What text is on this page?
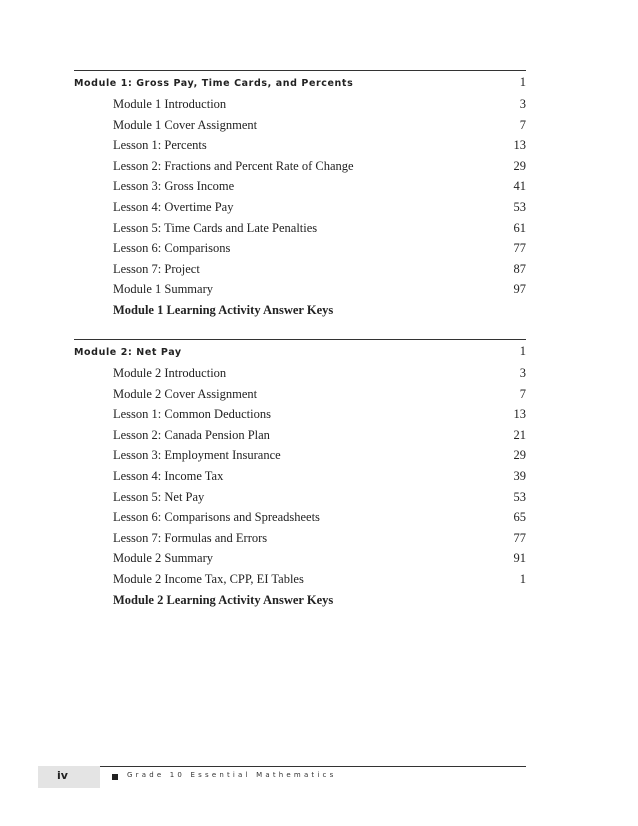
Module 1: Gross Pay, Time Cards, and Percents	1
Module 1 Introduction	3
Module 1 Cover Assignment	7
Lesson 1: Percents	13
Lesson 2: Fractions and Percent Rate of Change	29
Lesson 3: Gross Income	41
Lesson 4: Overtime Pay	53
Lesson 5: Time Cards and Late Penalties	61
Lesson 6: Comparisons	77
Lesson 7: Project	87
Module 1 Summary	97
Module 1 Learning Activity Answer Keys
Module 2: Net Pay	1
Module 2 Introduction	3
Module 2 Cover Assignment	7
Lesson 1: Common Deductions	13
Lesson 2: Canada Pension Plan	21
Lesson 3: Employment Insurance	29
Lesson 4: Income Tax	39
Lesson 5: Net Pay	53
Lesson 6: Comparisons and Spreadsheets	65
Lesson 7: Formulas and Errors	77
Module 2 Summary	91
Module 2 Income Tax, CPP, EI Tables	1
Module 2 Learning Activity Answer Keys
iv	Grade 10 Essential Mathematics
